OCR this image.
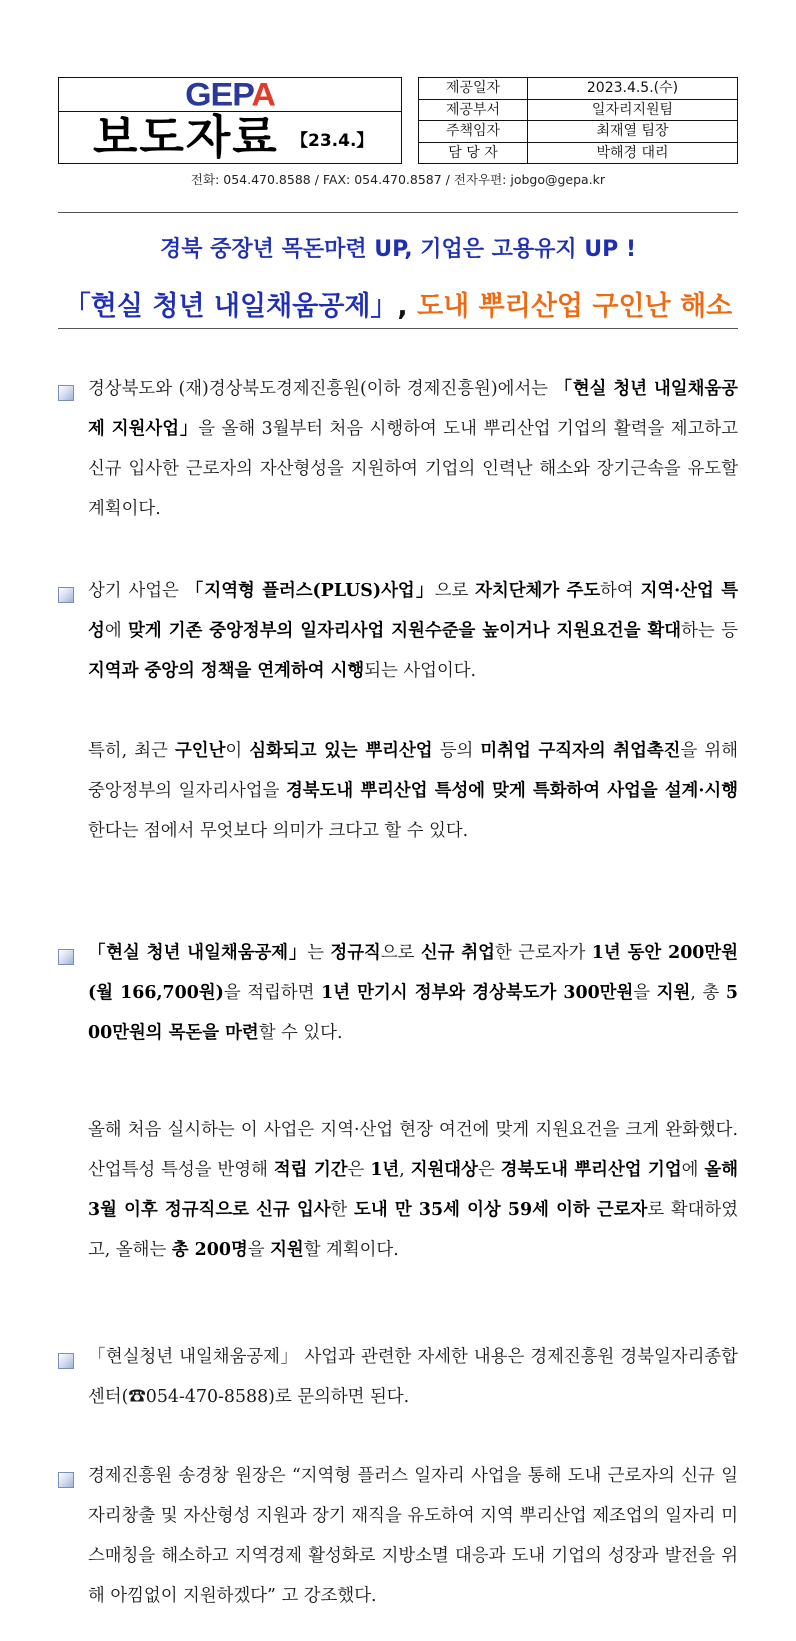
GEPA
보도자료 【23.4.】
제공일자	2023.4.5.(수)
제공부서	일자리지원팀
주책임자	최재열 팀장
담 당 자	박해경 대리
전화: 054.470.8588 / FAX: 054.470.8587 / 전자우편: jobgo@gepa.kr
경북 중장년 목돈마련 UP, 기업은 고용유지 UP !
「현실 청년 내일채움공제」, 도내 뿌리산업 구인난 해소
경상북도와 (재)경상북도경제진흥원(이하 경제진흥원)에서는 「현실 청년 내일채움공제 지원사업」을 올해 3월부터 처음 시행하여 도내 뿌리산업 기업의 활력을 제고하고 신규 입사한 근로자의 자산형성을 지원하여 기업의 인력난 해소와 장기근속을 유도할 계획이다.
상기 사업은 「지역형 플러스(PLUS)사업」으로 자치단체가 주도하여 지역·산업 특성에 맞게 기존 중앙정부의 일자리사업 지원수준을 높이거나 지원요건을 확대하는 등 지역과 중앙의 정책을 연계하여 시행되는 사업이다.
특히, 최근 구인난이 심화되고 있는 뿌리산업 등의 미취업 구직자의 취업촉진을 위해 중앙정부의 일자리사업을 경북도내 뿌리산업 특성에 맞게 특화하여 사업을 설계·시행한다는 점에서 무엇보다 의미가 크다고 할 수 있다.
「현실 청년 내일채움공제」는 정규직으로 신규 취업한 근로자가 1년 동안 200만원(월 166,700원)을 적립하면 1년 만기시 정부와 경상북도가 300만원을 지원, 총 500만원의 목돈을 마련할 수 있다.
올해 처음 실시하는 이 사업은 지역·산업 현장 여건에 맞게 지원요건을 크게 완화했다. 산업특성 특성을 반영해 적립 기간은 1년, 지원대상은 경북도내 뿌리산업 기업에 올해 3월 이후 정규직으로 신규 입사한 도내 만 35세 이상 59세 이하 근로자로 확대하였고, 올해는 총 200명을 지원할 계획이다.
「현실청년 내일채움공제」 사업과 관련한 자세한 내용은 경제진흥원 경북일자리종합센터(☎054-470-8588)로 문의하면 된다.
경제진흥원 송경창 원장은 “지역형 플러스 일자리 사업을 통해 도내 근로자의 신규 일자리창출 및 자산형성 지원과 장기 재직을 유도하여 지역 뿌리산업 제조업의 일자리 미스매칭을 해소하고 지역경제 활성화로 지방소멸 대응과 도내 기업의 성장과 발전을 위해 아낌없이 지원하겠다” 고 강조했다.
